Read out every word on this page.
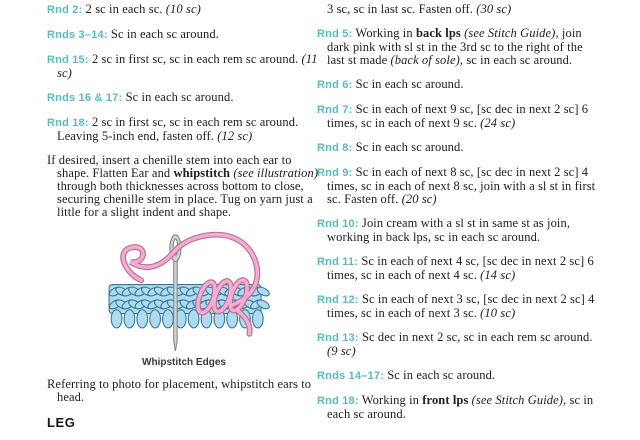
Rnd 2: 2 sc in each sc. (10 sc)

Rnds 3–14: Sc in each sc around.

Rnd 15: 2 sc in first sc, sc in each rem sc around. (11 sc)

Rnds 16 & 17: Sc in each sc around.

Rnd 18: 2 sc in first sc, sc in each rem sc around. Leaving 5-inch end, fasten off. (12 sc)

If desired, insert a chenille stem into each ear to shape. Flatten Ear and whipstitch (see illustration) through both thicknesses across bottom to close, securing chenille stem in place. Tug on yarn just a little for a slight indent and shape.

Whipstitch Edges

Referring to photo for placement, whipstitch ears to head.

LEG

3 sc, sc in last sc. Fasten off. (30 sc)

Rnd 5: Working in back lps (see Stitch Guide), join dark pink with sl st in the 3rd sc to the right of the last st made (back of sole), sc in each sc around.

Rnd 6: Sc in each sc around.

Rnd 7: Sc in each of next 9 sc, [sc dec in next 2 sc] 6 times, sc in each of next 9 sc. (24 sc)

Rnd 8: Sc in each sc around.

Rnd 9: Sc in each of next 8 sc, [sc dec in next 2 sc] 4 times, sc in each of next 8 sc, join with a sl st in first sc. Fasten off. (20 sc)

Rnd 10: Join cream with a sl st in same st as join, working in back lps, sc in each sc around.

Rnd 11: Sc in each of next 4 sc, [sc dec in next 2 sc] 6 times, sc in each of next 4 sc. (14 sc)

Rnd 12: Sc in each of next 3 sc, [sc dec in next 2 sc] 4 times, sc in each of next 3 sc. (10 sc)

Rnd 13: Sc dec in next 2 sc, sc in each rem sc around. (9 sc)

Rnds 14–17: Sc in each sc around.

Rnd 18: Working in front lps (see Stitch Guide), sc in each sc around.
